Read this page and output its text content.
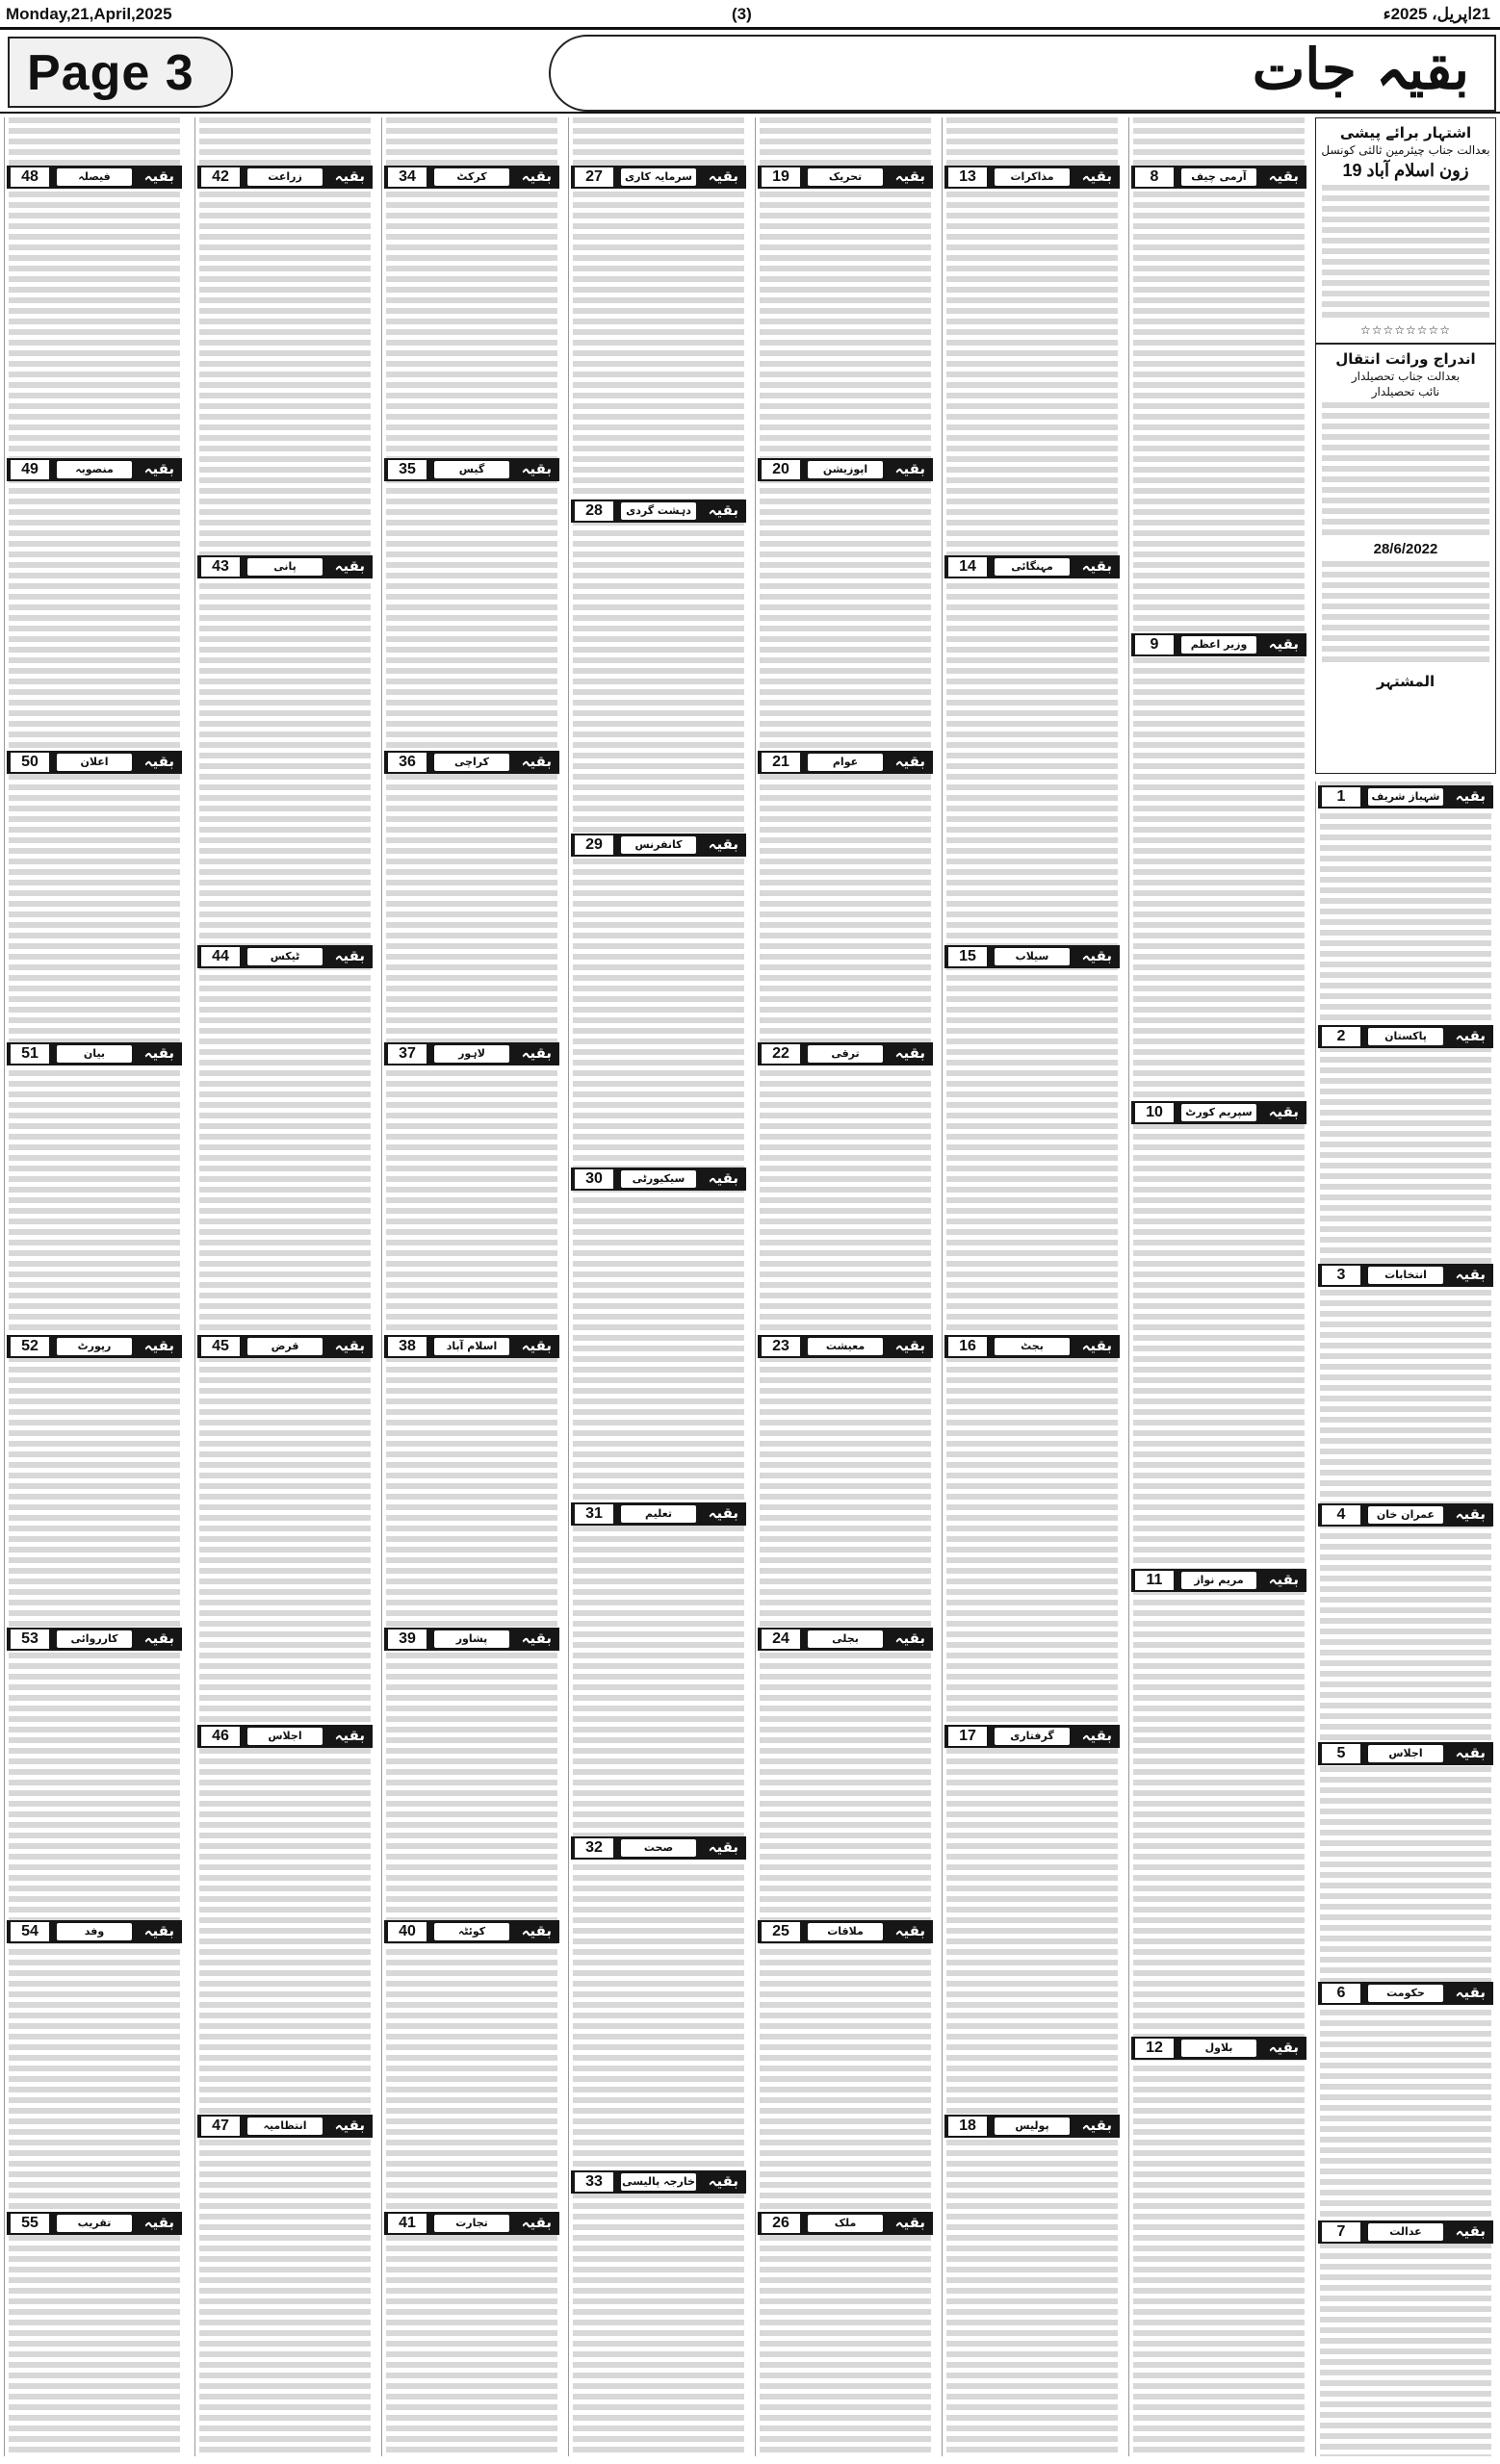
Monday,21,April,2025	(3)	21اپریل، 2025ء
Page 3	بقیہ جات
اشتہار برائے پیشی
بعدالت جناب چیئرمین ثالثی کونسل
19 زون اسلام آباد
☆☆☆☆☆☆☆☆
اندراج وراثت انتقال
بعدالت جناب تحصیلدار
نائب تحصیلدار
28/6/2022
المشتہر
بقیہ
شہباز شریف
1
بقیہ
پاکستان
2
بقیہ
انتخابات
3
بقیہ
عمران خان
4
بقیہ
اجلاس
5
بقیہ
حکومت
6
بقیہ
عدالت
7
بقیہ
آرمی چیف
8
بقیہ
وزیر اعظم
9
بقیہ
سپریم کورٹ
10
بقیہ
مریم نواز
11
بقیہ
بلاول
12
بقیہ
مذاکرات
13
بقیہ
مہنگائی
14
بقیہ
سیلاب
15
بقیہ
بجٹ
16
بقیہ
گرفتاری
17
بقیہ
پولیس
18
بقیہ
تحریک
19
بقیہ
اپوزیشن
20
بقیہ
عوام
21
بقیہ
ترقی
22
بقیہ
معیشت
23
بقیہ
بجلی
24
بقیہ
ملاقات
25
بقیہ
ملک
26
بقیہ
سرمایہ کاری
27
بقیہ
دہشت گردی
28
بقیہ
کانفرنس
29
بقیہ
سیکیورٹی
30
بقیہ
تعلیم
31
بقیہ
صحت
32
بقیہ
خارجہ پالیسی
33
بقیہ
کرکٹ
34
بقیہ
گیس
35
بقیہ
کراچی
36
بقیہ
لاہور
37
بقیہ
اسلام آباد
38
بقیہ
پشاور
39
بقیہ
کوئٹہ
40
بقیہ
تجارت
41
بقیہ
زراعت
42
بقیہ
پانی
43
بقیہ
ٹیکس
44
بقیہ
قرض
45
بقیہ
اجلاس
46
بقیہ
انتظامیہ
47
بقیہ
فیصلہ
48
بقیہ
منصوبہ
49
بقیہ
اعلان
50
بقیہ
بیان
51
بقیہ
رپورٹ
52
بقیہ
کارروائی
53
بقیہ
وفد
54
بقیہ
تقریب
55
